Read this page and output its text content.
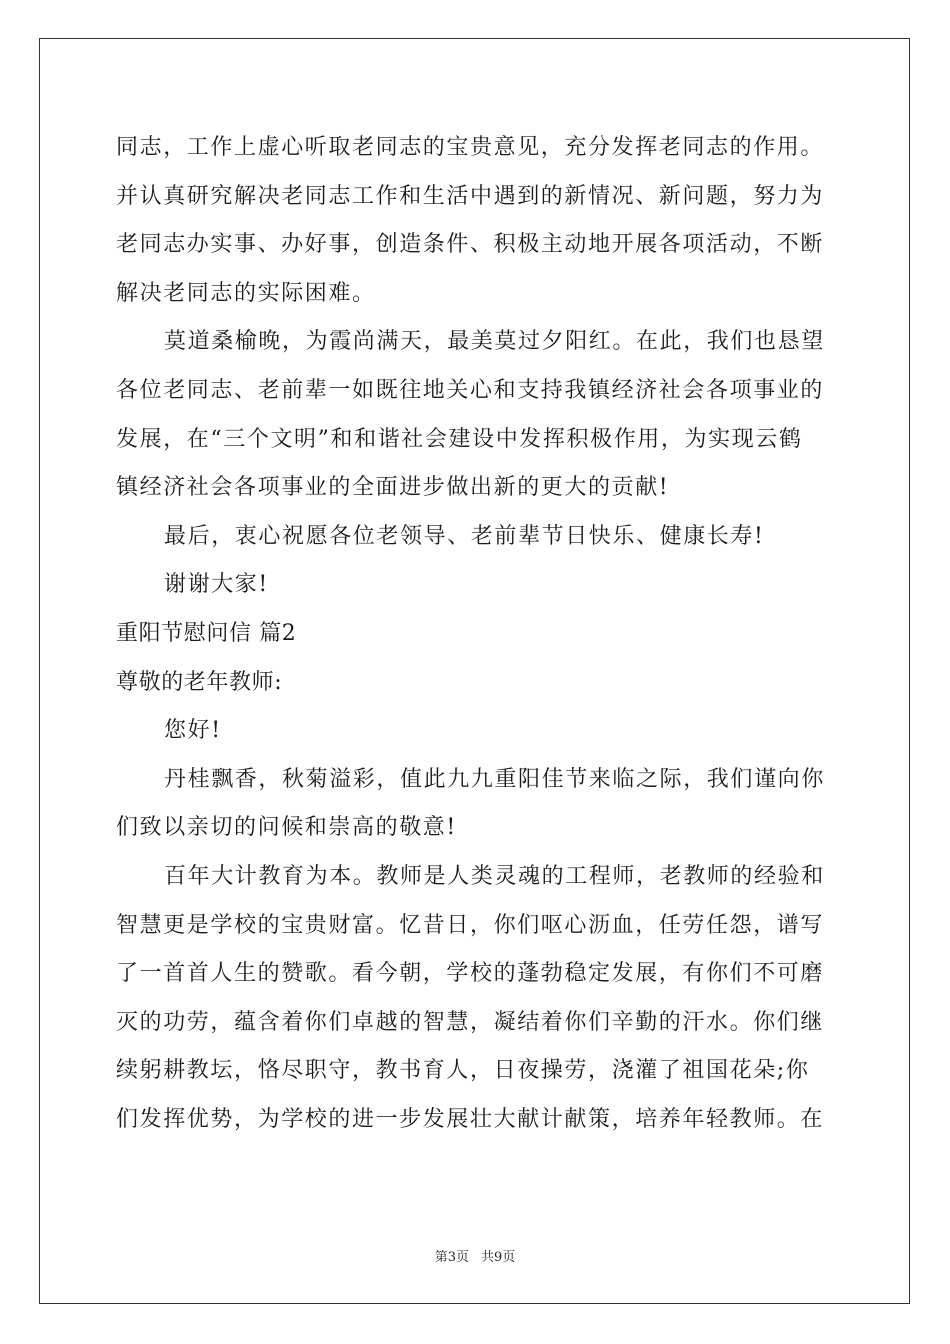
同志，工作上虚心听取老同志的宝贵意见，充分发挥老同志的作用。
并认真研究解决老同志工作和生活中遇到的新情况、新问题，努力为
老同志办实事、办好事，创造条件、积极主动地开展各项活动，不断
解决老同志的实际困难。
莫道桑榆晚，为霞尚满天，最美莫过夕阳红。在此，我们也恳望
各位老同志、老前辈一如既往地关心和支持我镇经济社会各项事业的
发展，在“三个文明”和和谐社会建设中发挥积极作用，为实现云鹤
镇经济社会各项事业的全面进步做出新的更大的贡献!
最后，衷心祝愿各位老领导、老前辈节日快乐、健康长寿!
谢谢大家!
重阳节慰问信 篇2
尊敬的老年教师:
您好!
丹桂飘香，秋菊溢彩，值此九九重阳佳节来临之际，我们谨向你
们致以亲切的问候和崇高的敬意!
百年大计教育为本。教师是人类灵魂的工程师，老教师的经验和
智慧更是学校的宝贵财富。忆昔日，你们呕心沥血，任劳任怨，谱写
了一首首人生的赞歌。看今朝，学校的蓬勃稳定发展，有你们不可磨
灭的功劳，蕴含着你们卓越的智慧，凝结着你们辛勤的汗水。你们继
续躬耕教坛，恪尽职守，教书育人，日夜操劳，浇灌了祖国花朵;你
们发挥优势，为学校的进一步发展壮大献计献策，培养年轻教师。在
第3页 共9页
